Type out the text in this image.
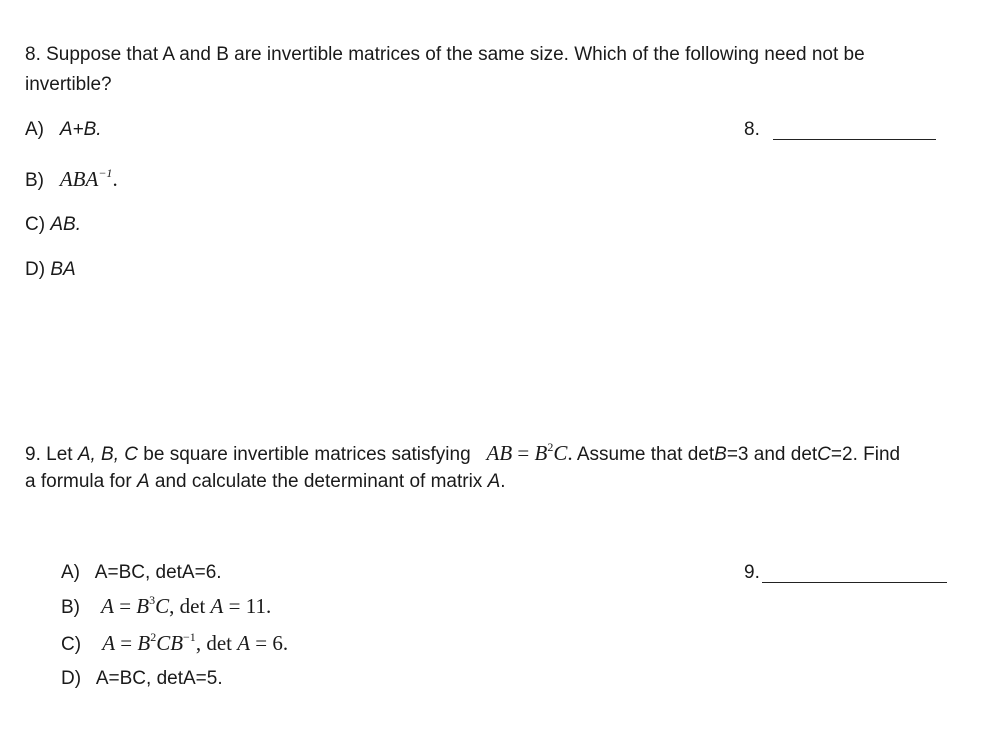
8. Suppose that A and B are invertible matrices of the same size. Which of the following need not be
invertible?
A) A+B.	8.
B) $ABA^{-1}$.
C) AB.
D) BA
9. Let A, B, C be square invertible matrices satisfying AB = $B^2C$. Assume that detB=3 and detC=2. Find
a formula for A and calculate the determinant of matrix A.
A) A=BC, detA=6.	9.
B) $A = B^3C$, det A = 11.
C) $A = B^2CB^{-1}$, det A = 6.
D) A=BC, detA=5.
